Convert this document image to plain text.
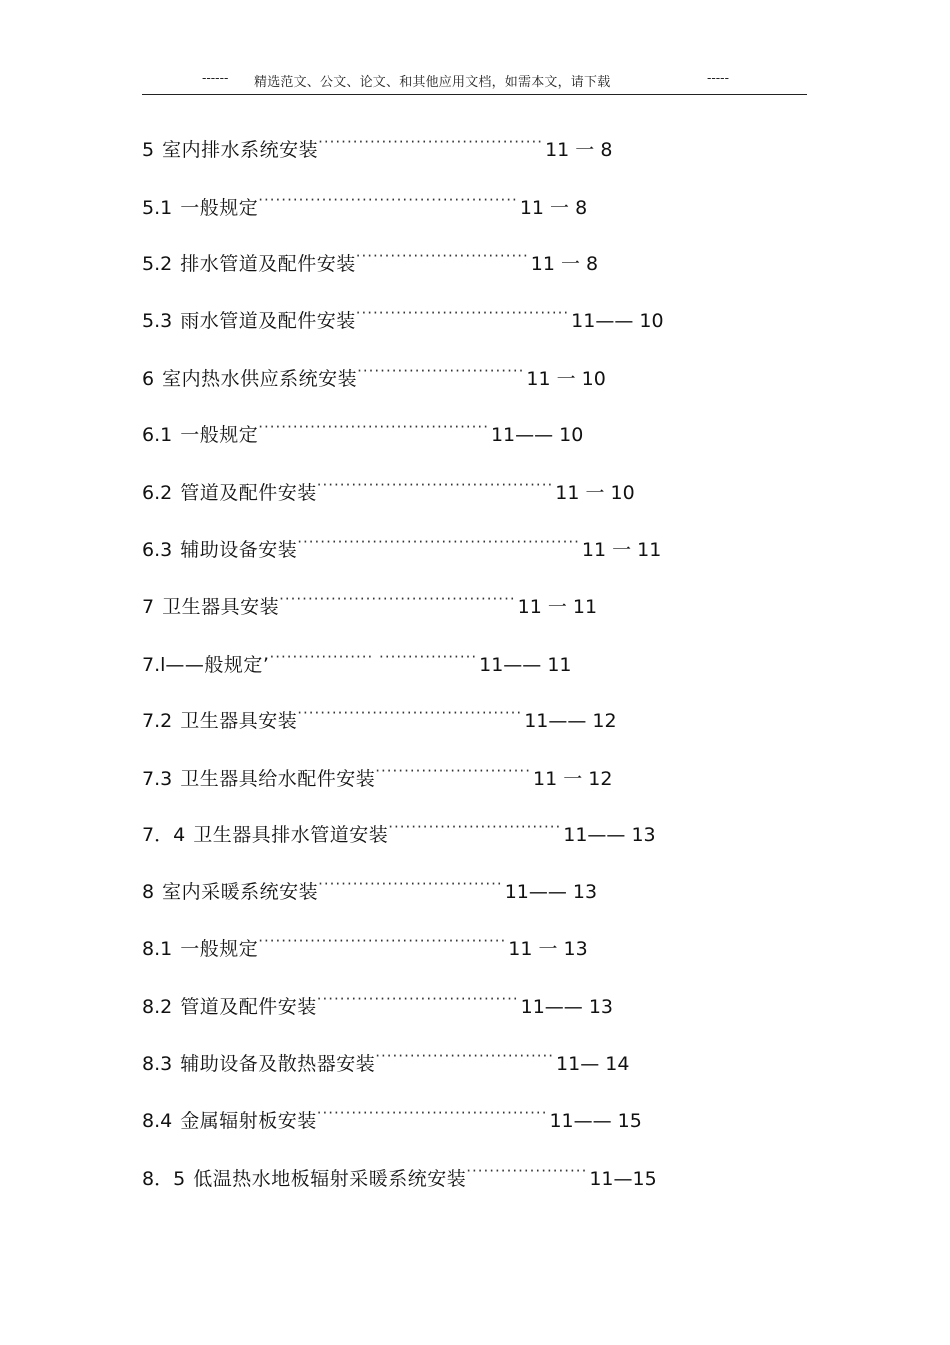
------ 精选范文、公文、论文、和其他应用文档，如需本文，请下载	-----
5 室内排水系统安装······································· 11 一 8
5.1 一般规定············································· 11 一 8
5.2 排水管道及配件安装······························ 11 一 8
5.3 雨水管道及配件安装····································· 11—— 10
6 室内热水供应系统安装····························· 11 一 10
6.1 一般规定········································ 11—— 10
6.2 管道及配件安装········································· 11 一 10
6.3 辅助设备安装················································· 11 一 11
7 卫生器具安装········································· 11 一 11
7.l——般规定’·················· ················· 11—— 11
7.2 卫生器具安装······································· 11—— 12
7.3 卫生器具给水配件安装··························· 11 一 12
7．4 卫生器具排水管道安装······························ 11—— 13
8 室内采暖系统安装································ 11—— 13
8.1 一般规定··········································· 11 一 13
8.2 管道及配件安装··································· 11—— 13
8.3 辅助设备及散热器安装······························· 11— 14
8.4 金属辐射板安装········································ 11—— 15
8．5 低温热水地板辐射采暖系统安装····················· 11—15
